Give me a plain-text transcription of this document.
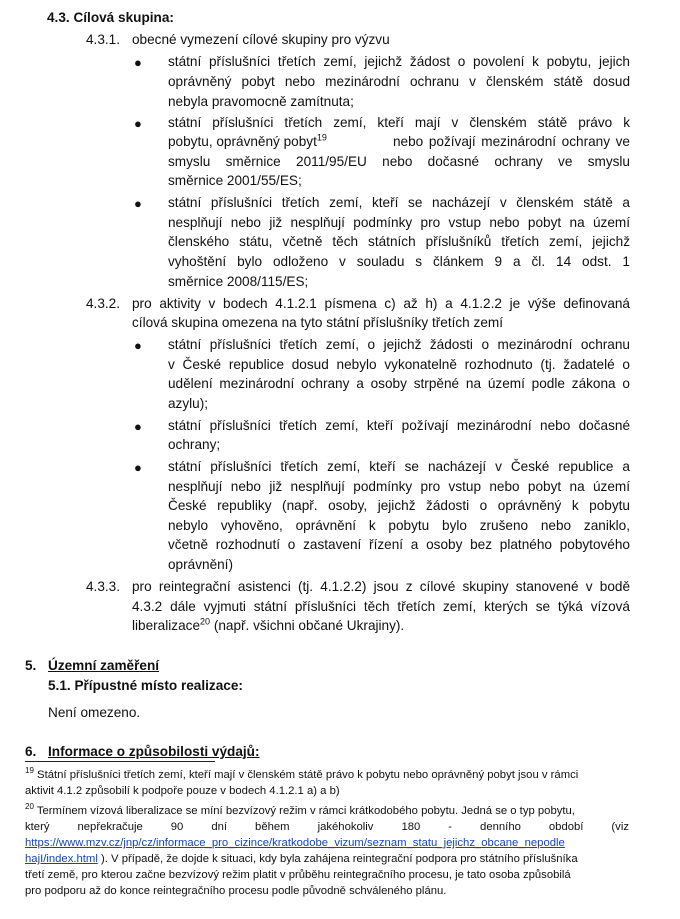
4.3. Cílová skupina:
4.3.1. obecné vymezení cílové skupiny pro výzvu
● státní příslušníci třetích zemí, jejichž žádost o povolení k pobytu, jejich
oprávněný pobyt nebo mezinárodní ochranu v členském státě dosud
nebyla pravomocně zamítnuta;
● státní příslušníci třetích zemí, kteří mají v členském státě právo k
pobytu, oprávněný pobyt$^{19}$	nebo požívají mezinárodní ochrany ve
smyslu směrnice 2011/95/EU nebo dočasné ochrany ve smyslu
směrnice 2001/55/ES;
● státní příslušníci třetích zemí, kteří se nacházejí v členském státě a
nesplňují nebo již nesplňují podmínky pro vstup nebo pobyt na území
členského státu, včetně těch státních příslušníků třetích zemí, jejichž
vyhoštění bylo odloženo v souladu s článkem 9 a čl. 14 odst. 1
směrnice 2008/115/ES;
4.3.2. pro aktivity v bodech 4.1.2.1 písmena c) až h) a 4.1.2.2 je výše definovaná
cílová skupina omezena na tyto státní příslušníky třetích zemí
● státní příslušníci třetích zemí, o jejichž žádosti o mezinárodní ochranu
v České republice dosud nebylo vykonatelně rozhodnuto (tj. žadatelé o
udělení mezinárodní ochrany a osoby strpěné na území podle zákona o
azylu);
● státní příslušníci třetích zemí, kteří požívají mezinárodní nebo dočasné
ochrany;
● státní příslušníci třetích zemí, kteří se nacházejí v České republice a
nesplňují nebo již nesplňují podmínky pro vstup nebo pobyt na území
České republiky (např. osoby, jejichž žádosti o oprávněný k pobytu
nebylo vyhověno, oprávnění k pobytu bylo zrušeno nebo zaniklo,
včetně rozhodnutí o zastavení řízení a osoby bez platného pobytového
oprávnění)
4.3.3. pro reintegrační asistenci (tj. 4.1.2.2) jsou z cílové skupiny stanovené v bodě
4.3.2 dále vyjmuti státní příslušníci těch třetích zemí, kterých se týká vízová
liberalizace$^{20}$ (např. všichni občané Ukrajiny).
5. Územní zaměření
5.1. Přípustné místo realizace:
Není omezeno.
6. Informace o způsobilosti výdajů:
$^{19}$ Státní příslušníci třetích zemí, kteří mají v členském státě právo k pobytu nebo oprávněný pobyt jsou v rámci
aktivit 4.1.2 způsobilí k podpoře pouze v bodech 4.1.2.1 a) a b)
$^{20}$ Termínem vízová liberalizace se míní bezvízový režim v rámci krátkodobého pobytu. Jedná se o typ pobytu,
který nepřekračuje 90 dní během jakéhokoliv 180 - denního období (viz
https://www.mzv.cz/jnp/cz/informace_pro_cizince/kratkodobe_vizum/seznam_statu_jejichz_obcane_nepodle
hajI/index.html ). V případě, že dojde k situaci, kdy byla zahájena reintegrační podpora pro státního příslušníka
třetí země, pro kterou začne bezvízový režim platit v průběhu reintegračního procesu, je tato osoba způsobilá
pro podporu až do konce reintegračního procesu podle původně schváleného plánu.
